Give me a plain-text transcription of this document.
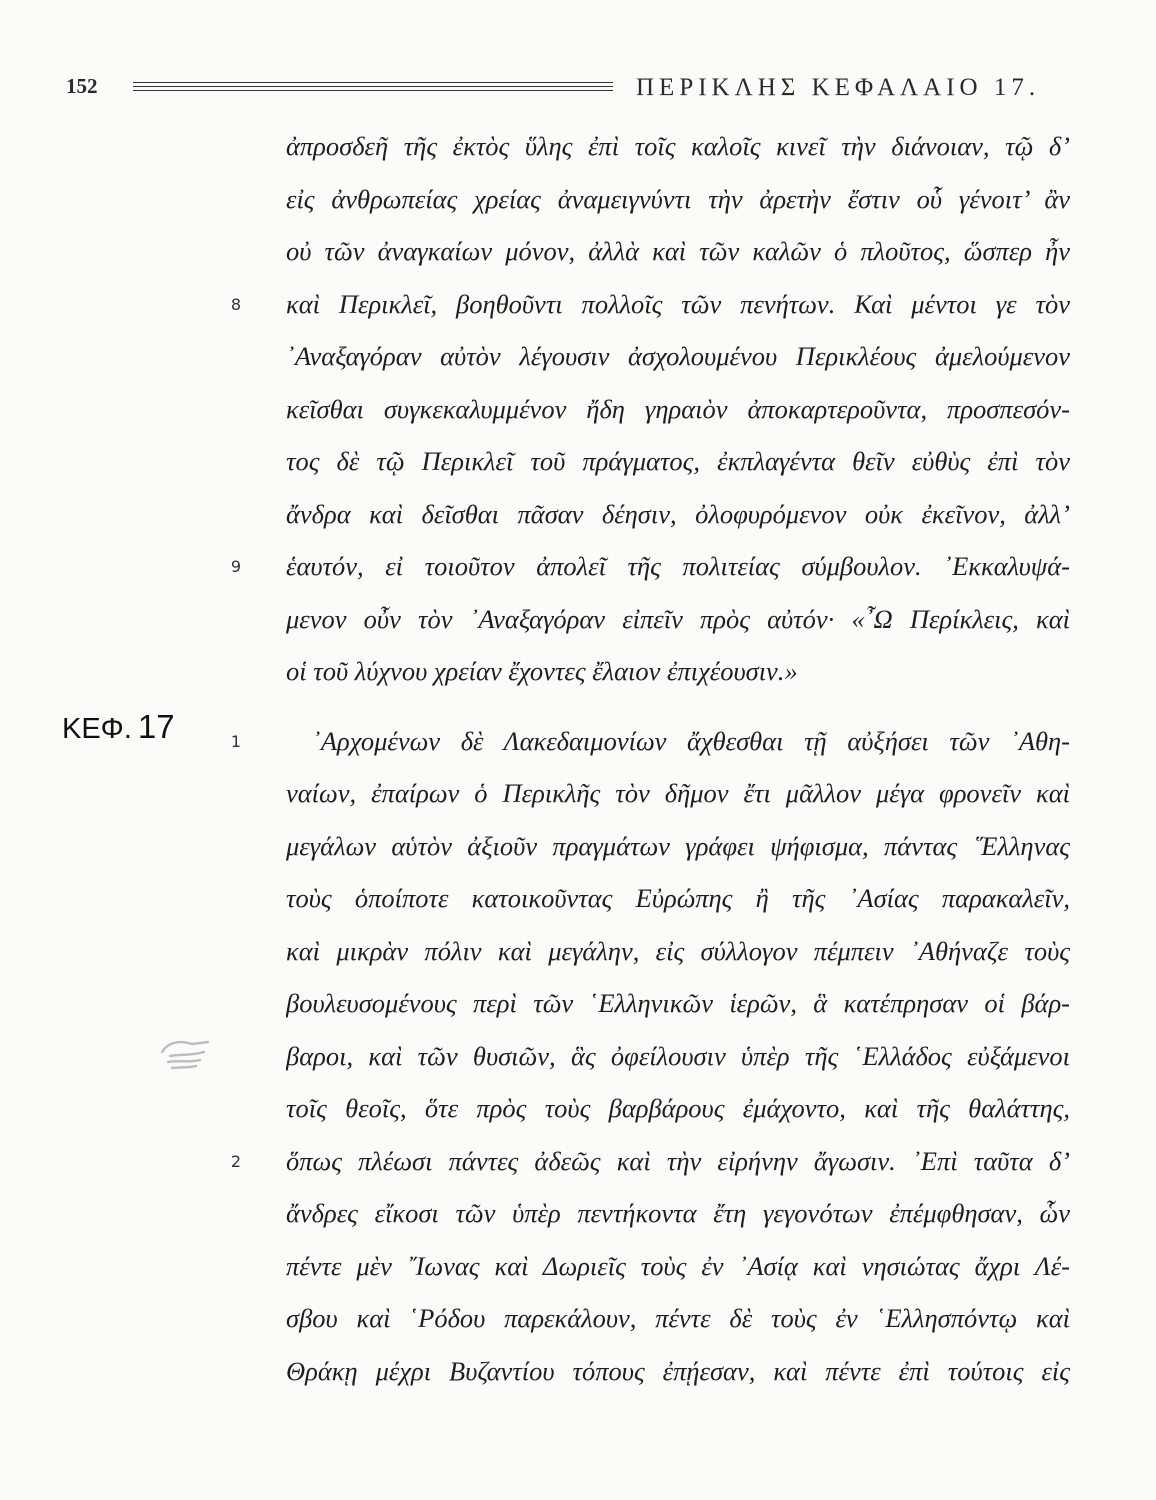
152	ΠΕΡΙΚΛΗΣ ΚΕΦΑΛΑΙΟ 17.
ΚΕΦ. 17
ἀπροσδεῆ τῆς ἐκτὸς ὕλης ἐπὶ τοῖς καλοῖς κινεῖ τὴν διάνοιαν, τῷ δ’
εἰς ἀνθρωπείας χρείας ἀναμειγνύντι τὴν ἀρετὴν ἔστιν οὗ γένοιτ’ ἂν
οὐ τῶν ἀναγκαίων μόνον, ἀλλὰ καὶ τῶν καλῶν ὁ πλοῦτος, ὥσπερ ἦν
καὶ Περικλεῖ, βοηθοῦντι πολλοῖς τῶν πενήτων. Καὶ μέντοι γε τὸν
8
᾿Αναξαγόραν αὐτὸν λέγουσιν ἀσχολουμένου Περικλέους ἀμελούμενον
κεῖσθαι συγκεκαλυμμένον ἤδη γηραιὸν ἀποκαρτεροῦντα, προσπεσόν-
τος δὲ τῷ Περικλεῖ τοῦ πράγματος, ἐκπλαγέντα θεῖν εὐθὺς ἐπὶ τὸν
ἄνδρα καὶ δεῖσθαι πᾶσαν δέησιν, ὀλοφυρόμενον οὐκ ἐκεῖνον, ἀλλ’
ἑαυτόν, εἰ τοιοῦτον ἀπολεῖ τῆς πολιτείας σύμβουλον. ᾿Εκκαλυψά-
9
μενον οὖν τὸν ᾿Αναξαγόραν εἰπεῖν πρὸς αὐτόν· «῏Ω Περίκλεις, καὶ
οἱ τοῦ λύχνου χρείαν ἔχοντες ἔλαιον ἐπιχέουσιν.»
᾿Αρχομένων δὲ Λακεδαιμονίων ἄχθεσθαι τῇ αὐξήσει τῶν ᾿Αθη-
1
ναίων, ἐπαίρων ὁ Περικλῆς τὸν δῆμον ἔτι μᾶλλον μέγα φρονεῖν καὶ
μεγάλων αὑτὸν ἀξιοῦν πραγμάτων γράφει ψήφισμα, πάντας ῞Ελληνας
τοὺς ὁποίποτε κατοικοῦντας Εὐρώπης ἢ τῆς ᾿Ασίας παρακαλεῖν,
καὶ μικρὰν πόλιν καὶ μεγάλην, εἰς σύλλογον πέμπειν ᾿Αθήναζε τοὺς
βουλευσομένους περὶ τῶν ῾Ελληνικῶν ἱερῶν, ἃ κατέπρησαν οἱ βάρ-
βαροι, καὶ τῶν θυσιῶν, ἃς ὀφείλουσιν ὑπὲρ τῆς ῾Ελλάδος εὐξάμενοι
τοῖς θεοῖς, ὅτε πρὸς τοὺς βαρβάρους ἐμάχοντο, καὶ τῆς θαλάττης,
ὅπως πλέωσι πάντες ἀδεῶς καὶ τὴν εἰρήνην ἄγωσιν. ᾿Επὶ ταῦτα δ’
2
ἄνδρες εἴκοσι τῶν ὑπὲρ πεντήκοντα ἔτη γεγονότων ἐπέμφθησαν, ὧν
πέντε μὲν ῎Ιωνας καὶ Δωριεῖς τοὺς ἐν ᾿Ασίᾳ καὶ νησιώτας ἄχρι Λέ-
σβου καὶ ῾Ρόδου παρεκάλουν, πέντε δὲ τοὺς ἐν ῾Ελλησπόντῳ καὶ
Θράκῃ μέχρι Βυζαντίου τόπους ἐπῄεσαν, καὶ πέντε ἐπὶ τούτοις εἰς
